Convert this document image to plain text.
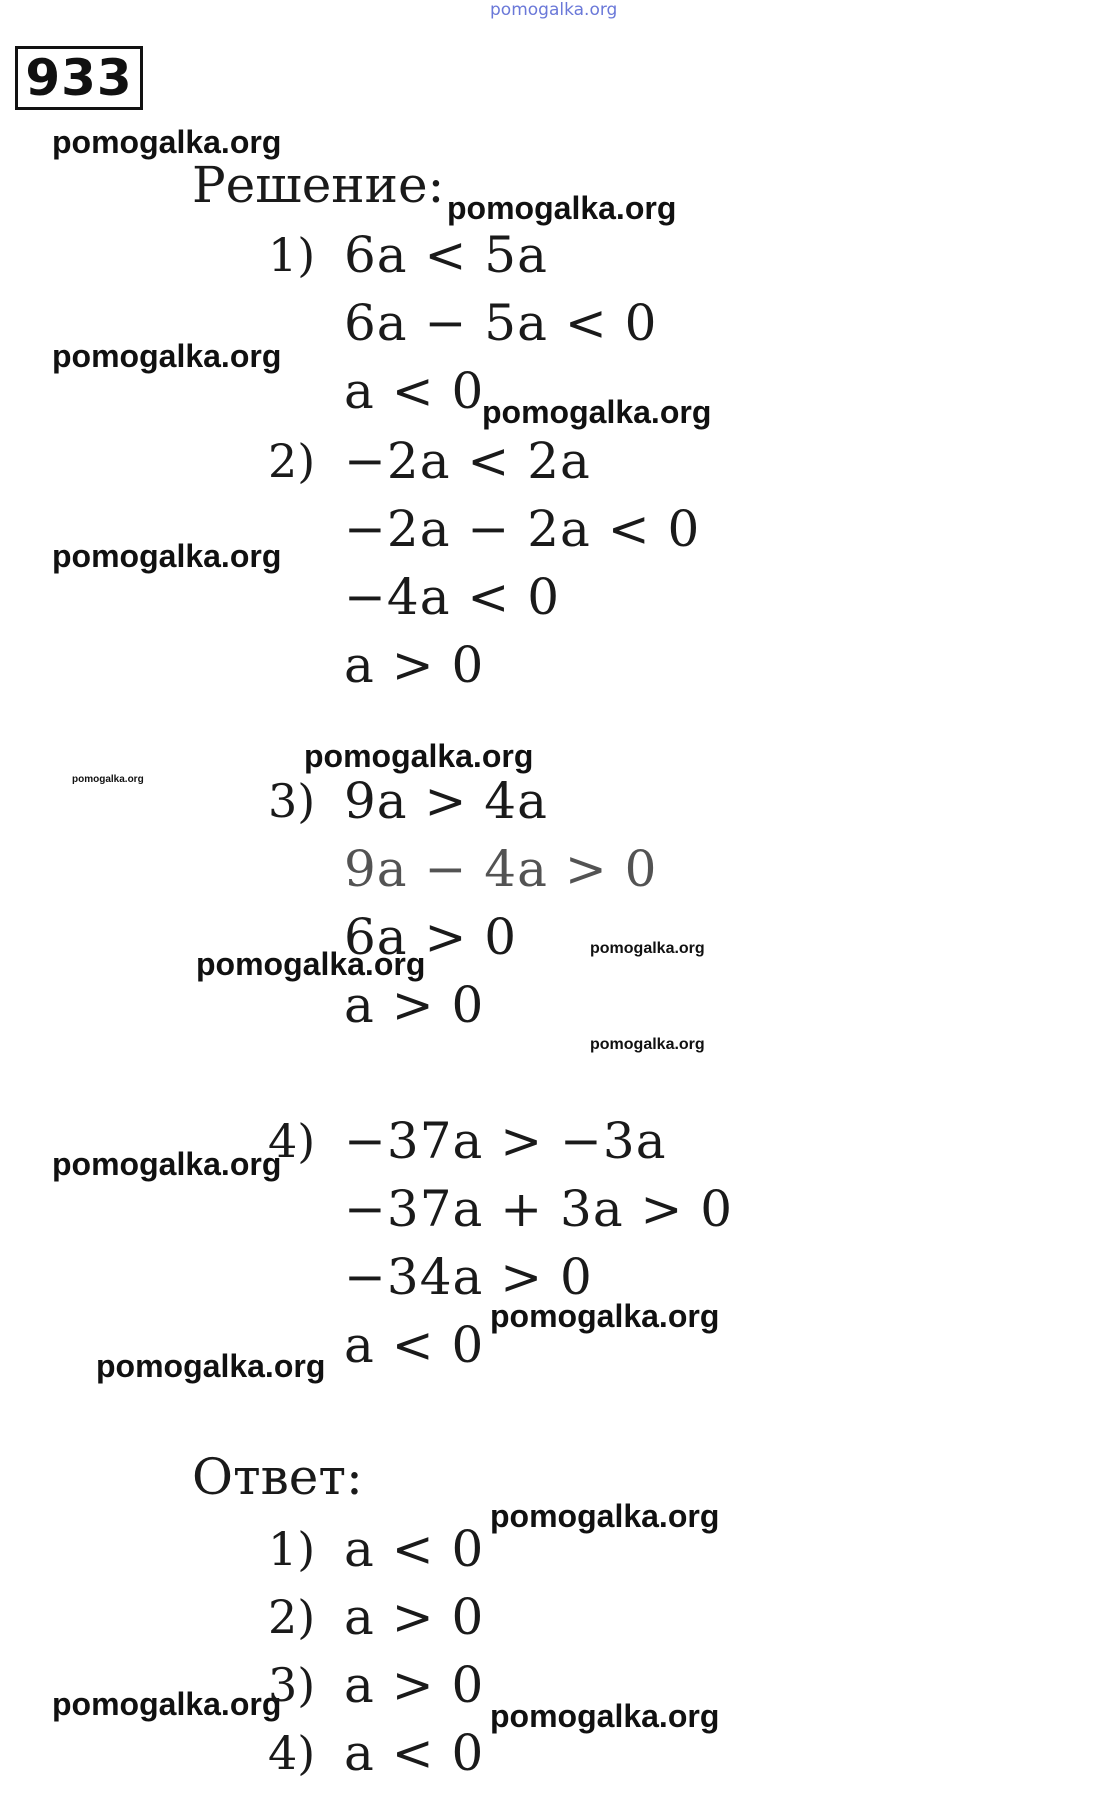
pomogalka.org
933
pomogalka.org
pomogalka.org
pomogalka.org
pomogalka.org
pomogalka.org
pomogalka.org
pomogalka.org
pomogalka.org
pomogalka.org
pomogalka.org
pomogalka.org
pomogalka.org
pomogalka.org
pomogalka.org
pomogalka.org	pomogalka.org
Решение:
1) 6a < 5a
6a − 5a < 0
a < 0
2) −2a < 2a
−2a − 2a < 0
−4a < 0
a > 0
3) 9a > 4a
9a − 4a > 0
6a > 0
a > 0
4) −37a > −3a
−37a + 3a > 0
−34a > 0
a < 0
Ответ:
1) a < 0
2) a > 0
3) a > 0
4) a < 0
